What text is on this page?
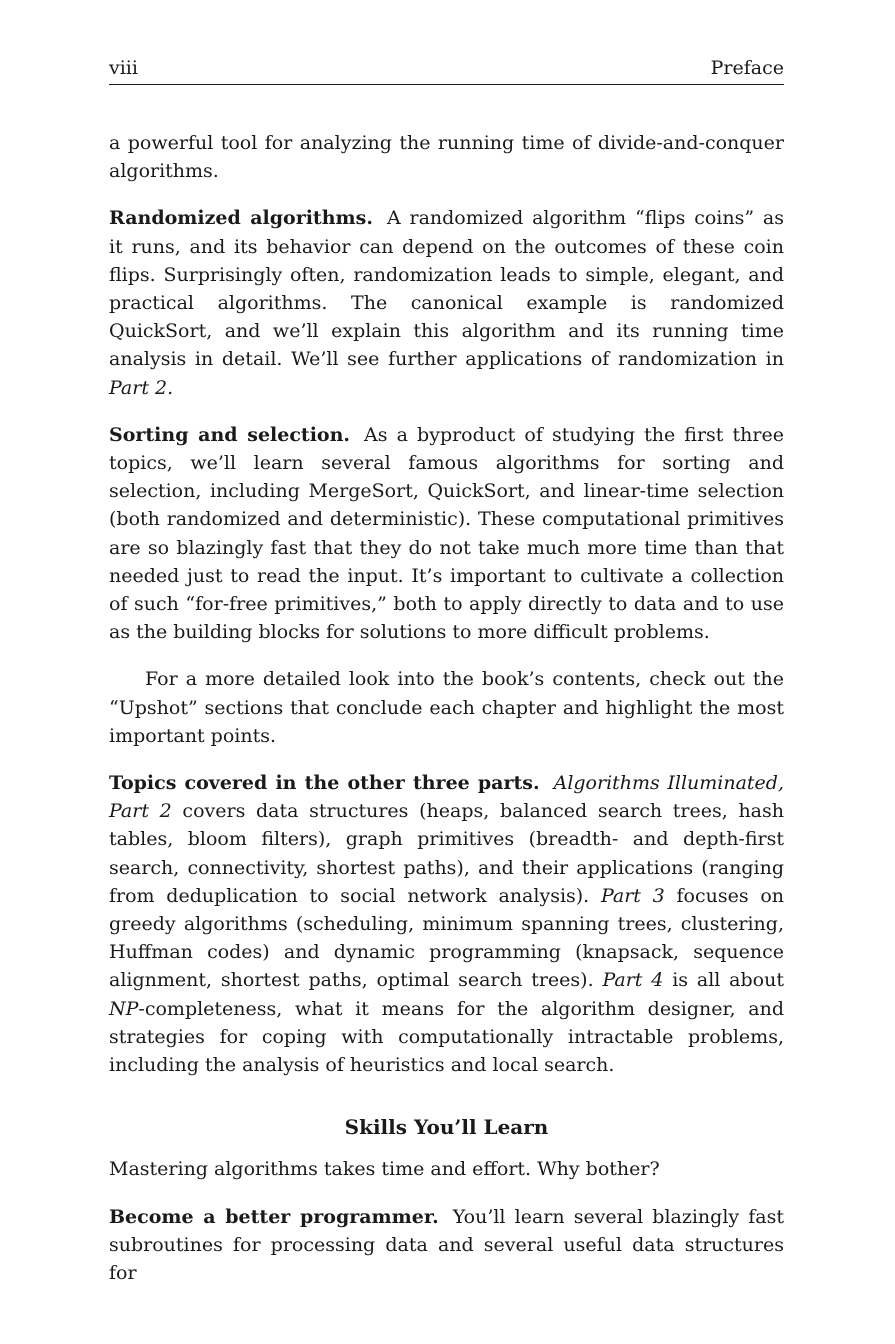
viii	Preface

a powerful tool for analyzing the running time of divide-and-conquer algorithms.

Randomized algorithms. A randomized algorithm “flips coins” as it runs, and its behavior can depend on the outcomes of these coin flips. Surprisingly often, randomization leads to simple, elegant, and practical algorithms. The canonical example is randomized QuickSort, and we’ll explain this algorithm and its running time analysis in detail. We’ll see further applications of randomization in Part 2.

Sorting and selection. As a byproduct of studying the first three topics, we’ll learn several famous algorithms for sorting and selection, including MergeSort, QuickSort, and linear-time selection (both randomized and deterministic). These computational primitives are so blazingly fast that they do not take much more time than that needed just to read the input. It’s important to cultivate a collection of such “for-free primitives,” both to apply directly to data and to use as the building blocks for solutions to more difficult problems.

For a more detailed look into the book’s contents, check out the “Upshot” sections that conclude each chapter and highlight the most important points.

Topics covered in the other three parts. Algorithms Illuminated, Part 2 covers data structures (heaps, balanced search trees, hash tables, bloom filters), graph primitives (breadth- and depth-first search, connectivity, shortest paths), and their applications (ranging from deduplication to social network analysis). Part 3 focuses on greedy algorithms (scheduling, minimum spanning trees, clustering, Huffman codes) and dynamic programming (knapsack, sequence alignment, shortest paths, optimal search trees). Part 4 is all about NP-completeness, what it means for the algorithm designer, and strategies for coping with computationally intractable problems, including the analysis of heuristics and local search.

Skills You’ll Learn

Mastering algorithms takes time and effort. Why bother?

Become a better programmer. You’ll learn several blazingly fast subroutines for processing data and several useful data structures for
